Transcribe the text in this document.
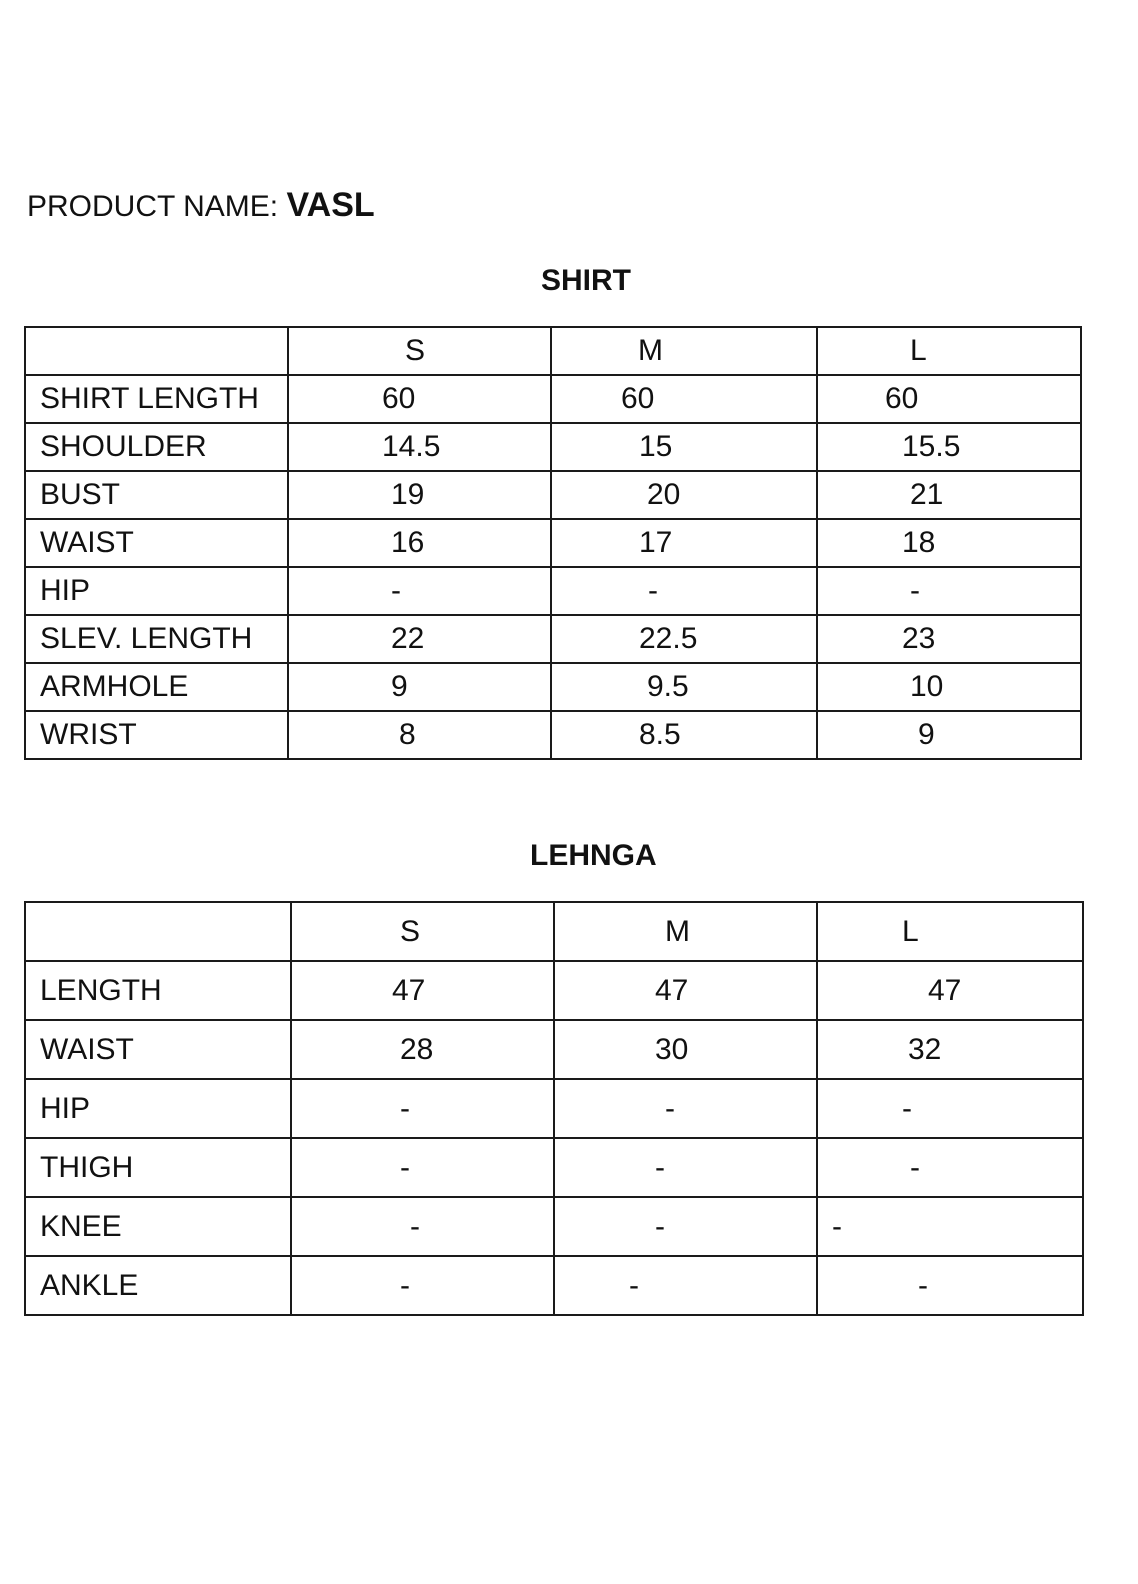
PRODUCT NAME: VASL
SHIRT
	S	M	L
SHIRT LENGTH	60	60	60
SHOULDER	14.5	15	15.5
BUST	19	20	21
WAIST	16	17	18
HIP	-	-	-
SLEV. LENGTH	22	22.5	23
ARMHOLE	9	9.5	10
WRIST	8	8.5	9
LEHNGA
	S	M	L
LENGTH	47	47	47
WAIST	28	30	32
HIP	-	-	-
THIGH	-	-	-
KNEE	-	-	-
ANKLE	-	-	-
